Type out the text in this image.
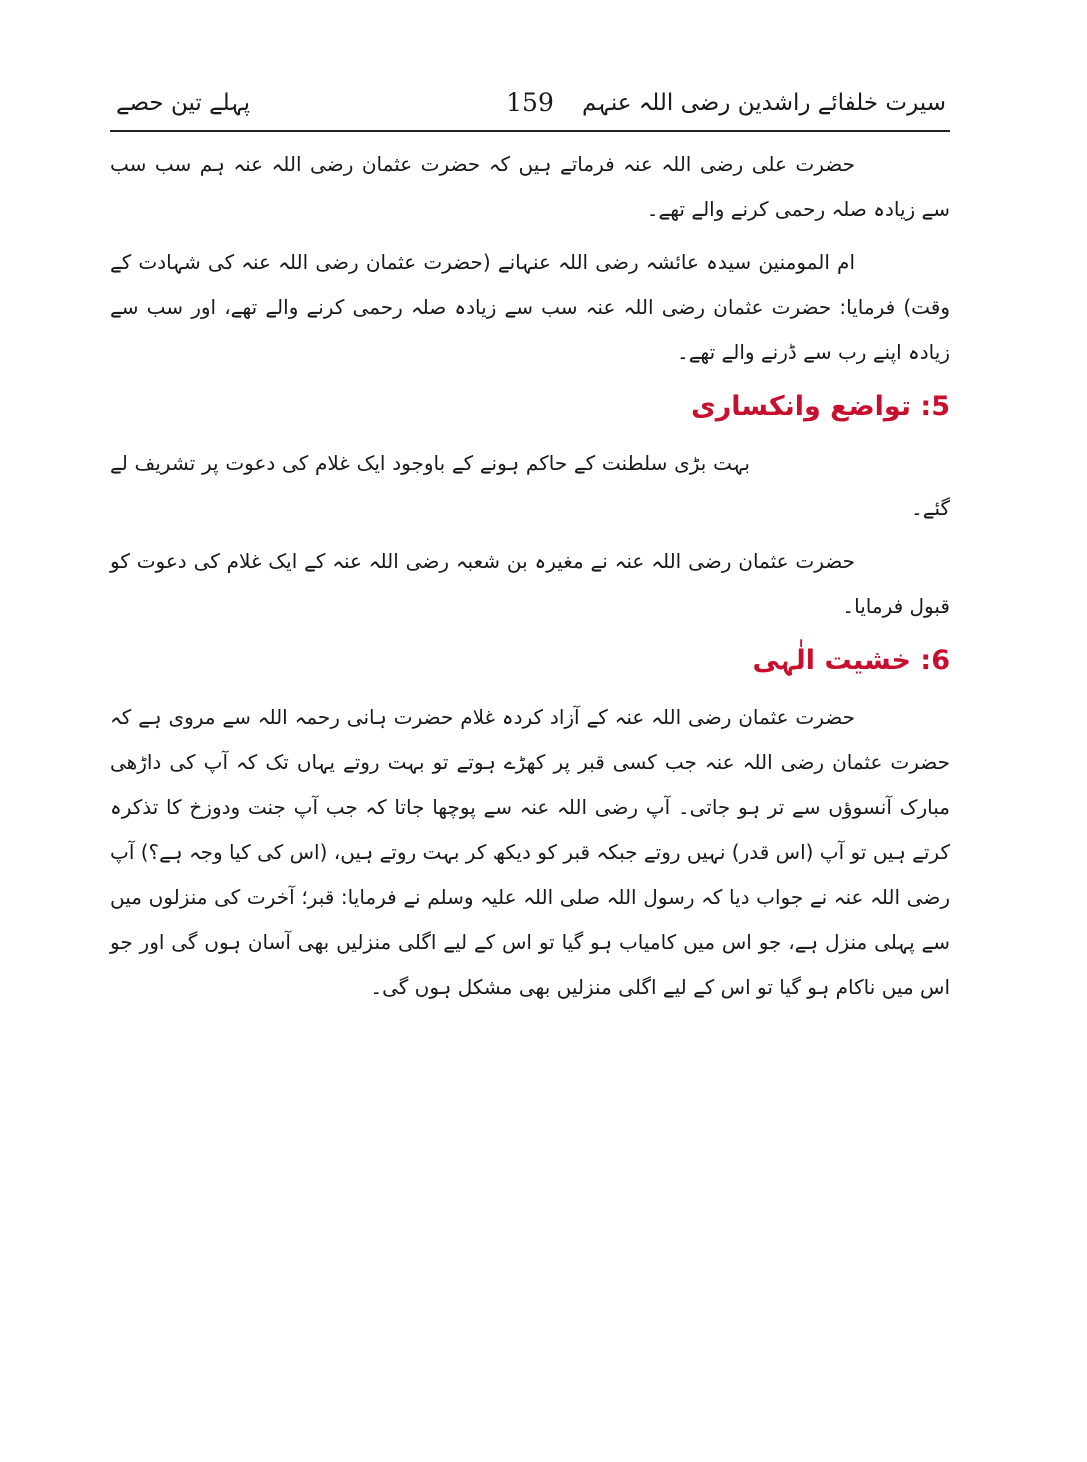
سیرت خلفائے راشدین رضی اللہ عنہم
159
پہلے تین حصے

حضرت علی رضی اللہ عنہ فرماتے ہیں کہ حضرت عثمان رضی اللہ عنہ ہم سب سب سے زیادہ صلہ رحمی کرنے والے تھے۔

ام المومنین سیدہ عائشہ رضی اللہ عنہانے (حضرت عثمان رضی اللہ عنہ کی شہادت کے وقت) فرمایا: حضرت عثمان رضی اللہ عنہ سب سے زیادہ صلہ رحمی کرنے والے تھے، اور سب سے زیادہ اپنے رب سے ڈرنے والے تھے۔

5: تواضع وانکساری

بہت بڑی سلطنت کے حاکم ہونے کے باوجود ایک غلام کی دعوت پر تشریف لے گئے۔

حضرت عثمان رضی اللہ عنہ نے مغیرہ بن شعبہ رضی اللہ عنہ کے ایک غلام کی دعوت کو قبول فرمایا۔

6: خشیت الٰہی

حضرت عثمان رضی اللہ عنہ کے آزاد کردہ غلام حضرت ہانی رحمہ اللہ سے مروی ہے کہ حضرت عثمان رضی اللہ عنہ جب کسی قبر پر کھڑے ہوتے تو بہت روتے یہاں تک کہ آپ کی داڑھی مبارک آنسوؤں سے تر ہو جاتی۔ آپ رضی اللہ عنہ سے پوچھا جاتا کہ جب آپ جنت ودوزخ کا تذکرہ کرتے ہیں تو آپ (اس قدر) نہیں روتے جبکہ قبر کو دیکھ کر بہت روتے ہیں، (اس کی کیا وجہ ہے؟) آپ رضی اللہ عنہ نے جواب دیا کہ رسول اللہ صلی اللہ علیہ وسلم نے فرمایا: قبر؛ آخرت کی منزلوں میں سے پہلی منزل ہے، جو اس میں کامیاب ہو گیا تو اس کے لیے اگلی منزلیں بھی آسان ہوں گی اور جو اس میں ناکام ہو گیا تو اس کے لیے اگلی منزلیں بھی مشکل ہوں گی۔
